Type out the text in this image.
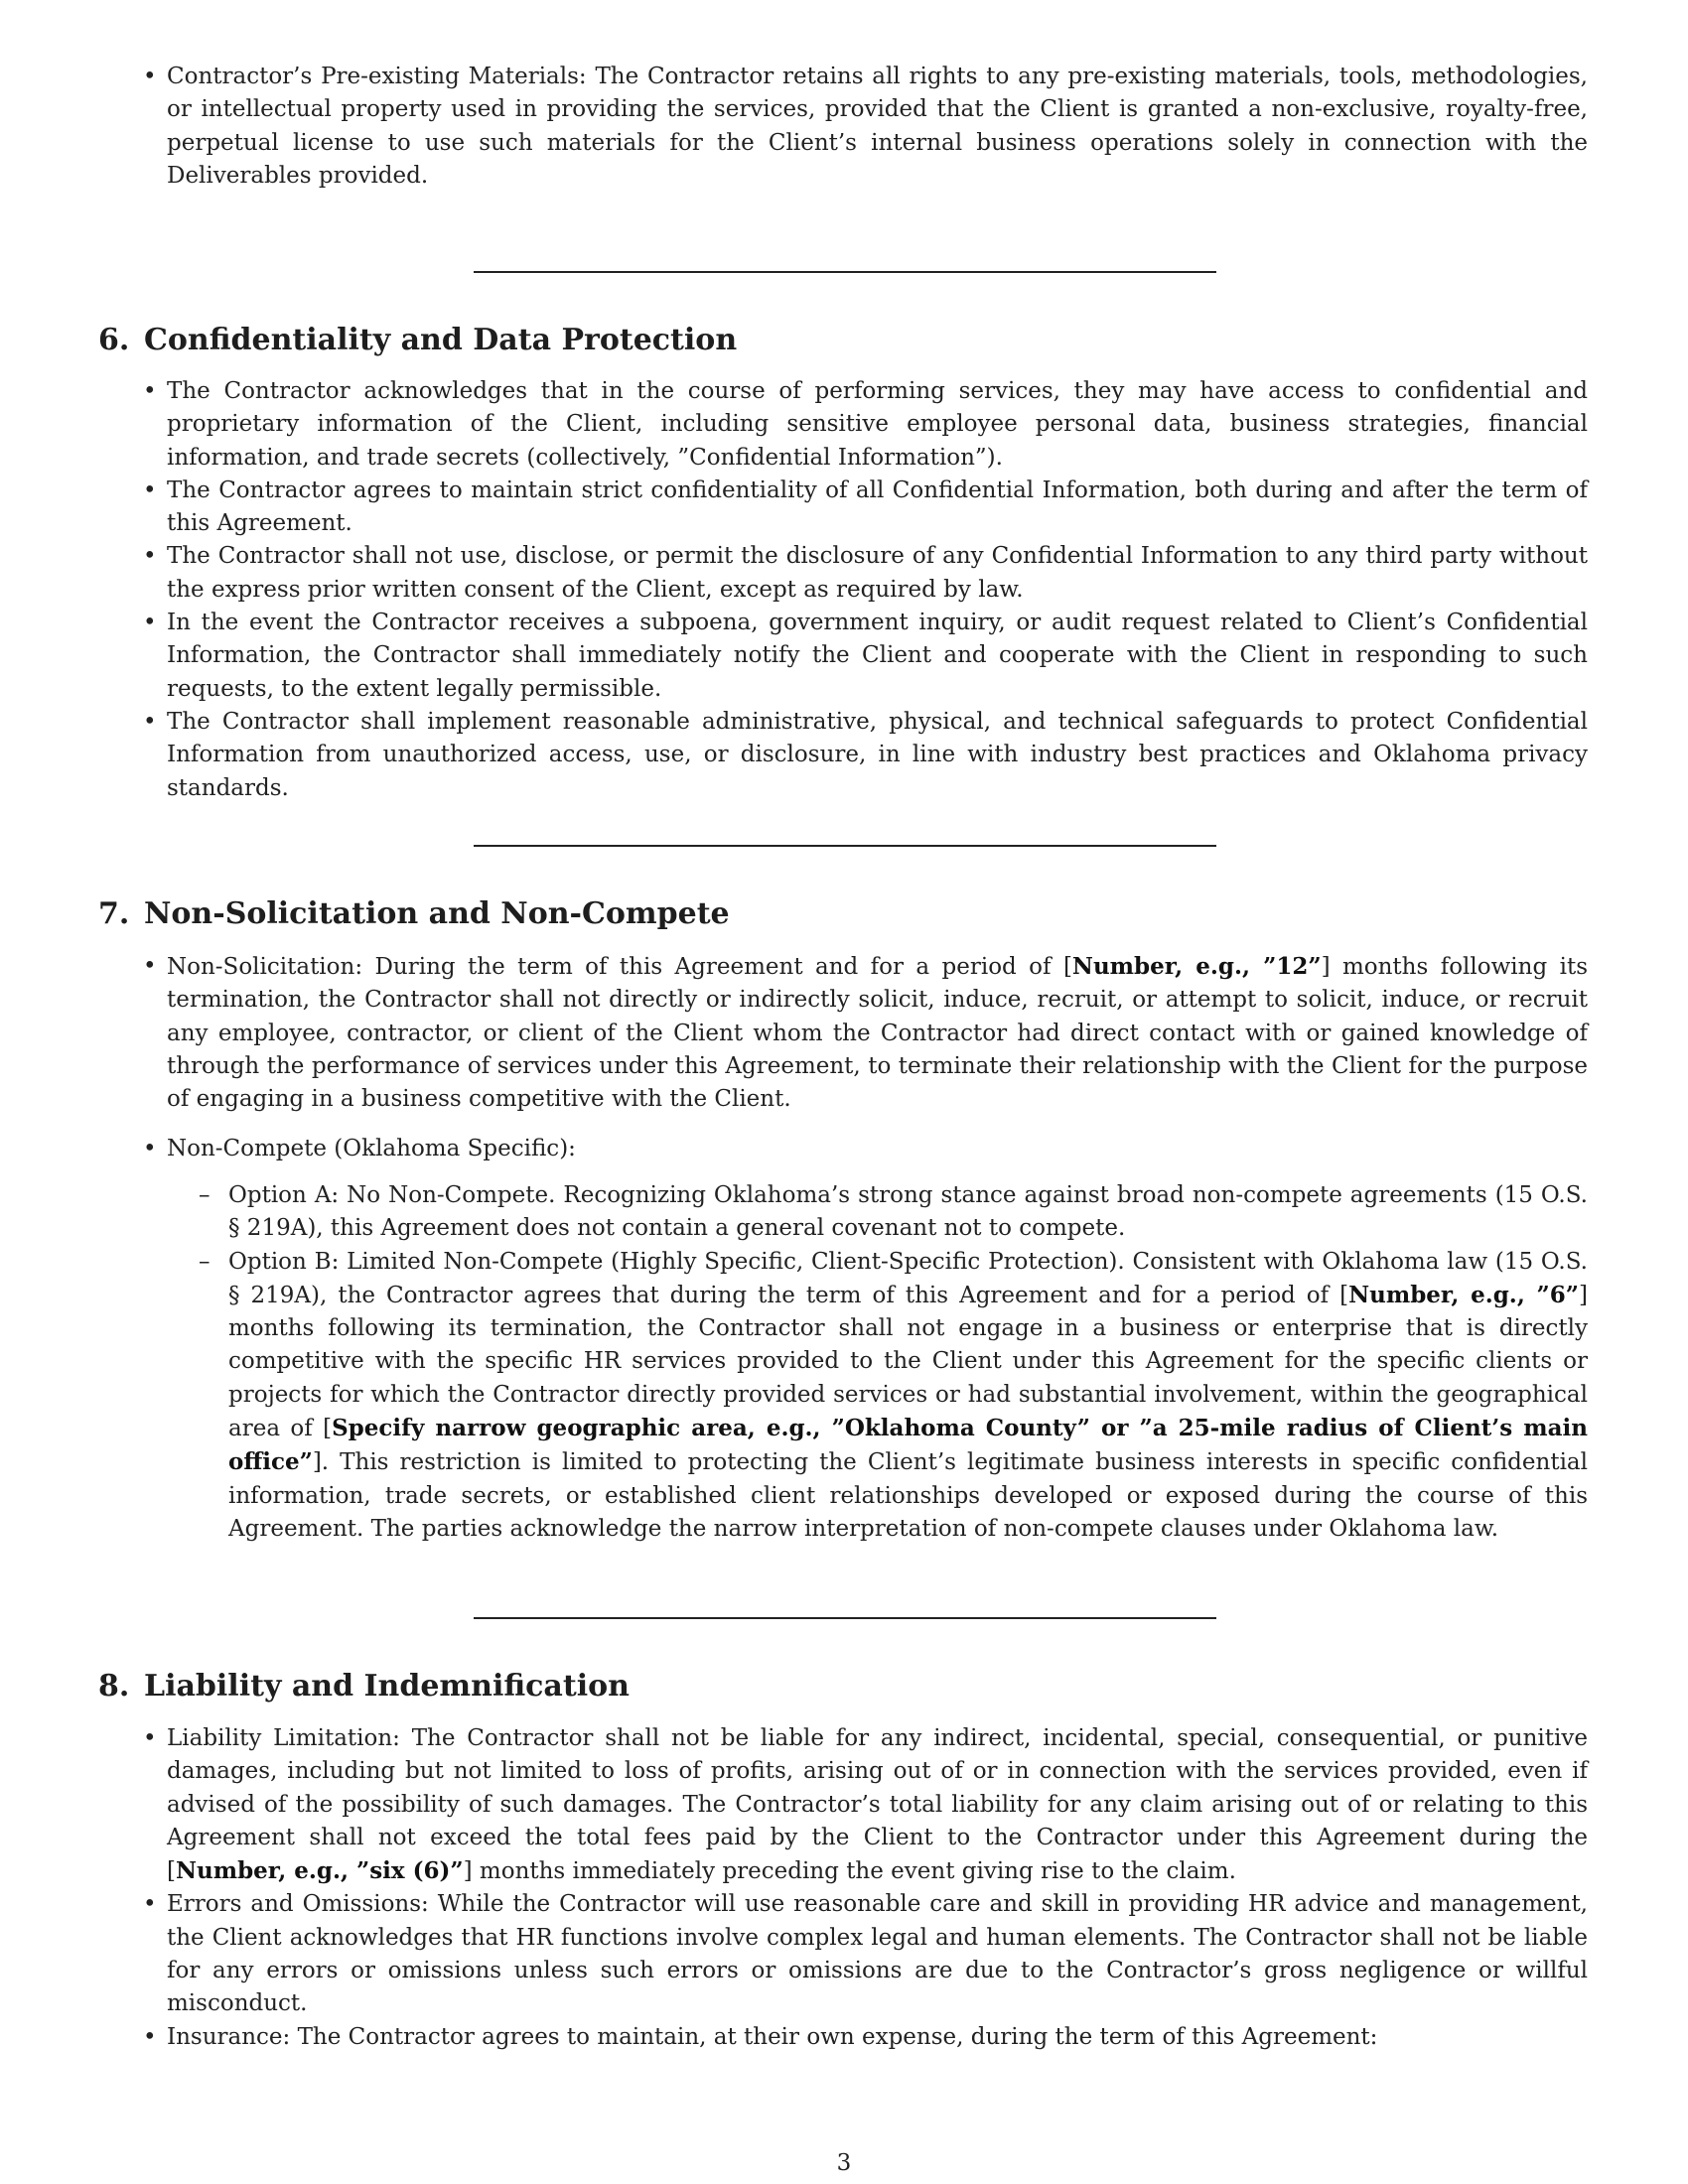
• Contractor’s Pre-existing Materials: The Contractor retains all rights to any pre-existing materials, tools, methodologies, or intellectual property used in providing the services, provided that the Client is granted a non-exclusive, royalty-free, perpetual license to use such materials for the Client’s internal business operations solely in connection with the Deliverables provided.
6. Confidentiality and Data Protection
• The Contractor acknowledges that in the course of performing services, they may have access to confidential and proprietary information of the Client, including sensitive employee personal data, business strategies, financial information, and trade secrets (collectively, ”Confidential Information”).
• The Contractor agrees to maintain strict confidentiality of all Confidential Information, both during and after the term of this Agreement.
• The Contractor shall not use, disclose, or permit the disclosure of any Confidential Information to any third party without the express prior written consent of the Client, except as required by law.
• In the event the Contractor receives a subpoena, government inquiry, or audit request related to Client’s Confidential Information, the Contractor shall immediately notify the Client and cooperate with the Client in responding to such requests, to the extent legally permissible.
• The Contractor shall implement reasonable administrative, physical, and technical safeguards to protect Confidential Information from unauthorized access, use, or disclosure, in line with industry best practices and Oklahoma privacy standards.
7. Non-Solicitation and Non-Compete
• Non-Solicitation: During the term of this Agreement and for a period of [Number, e.g., ”12”] months following its termination, the Contractor shall not directly or indirectly solicit, induce, recruit, or attempt to solicit, induce, or recruit any employee, contractor, or client of the Client whom the Contractor had direct contact with or gained knowledge of through the performance of services under this Agreement, to terminate their relationship with the Client for the purpose of engaging in a business competitive with the Client.
• Non-Compete (Oklahoma Specific):
– Option A: No Non-Compete. Recognizing Oklahoma’s strong stance against broad non-compete agreements (15 O.S. § 219A), this Agreement does not contain a general covenant not to compete.
– Option B: Limited Non-Compete (Highly Specific, Client-Specific Protection). Consistent with Oklahoma law (15 O.S. § 219A), the Contractor agrees that during the term of this Agreement and for a period of [Number, e.g., ”6”] months following its termination, the Contractor shall not engage in a business or enterprise that is directly competitive with the specific HR services provided to the Client under this Agreement for the specific clients or projects for which the Contractor directly provided services or had substantial involvement, within the geographical area of [Specify narrow geographic area, e.g., ”Oklahoma County” or ”a 25-mile radius of Client’s main office”]. This restriction is limited to protecting the Client’s legitimate business interests in specific confidential information, trade secrets, or established client relationships developed or exposed during the course of this Agreement. The parties acknowledge the narrow interpretation of non-compete clauses under Oklahoma law.
8. Liability and Indemnification
• Liability Limitation: The Contractor shall not be liable for any indirect, incidental, special, consequential, or punitive damages, including but not limited to loss of profits, arising out of or in connection with the services provided, even if advised of the possibility of such damages. The Contractor’s total liability for any claim arising out of or relating to this Agreement shall not exceed the total fees paid by the Client to the Contractor under this Agreement during the [Number, e.g., ”six (6)”] months immediately preceding the event giving rise to the claim.
• Errors and Omissions: While the Contractor will use reasonable care and skill in providing HR advice and management, the Client acknowledges that HR functions involve complex legal and human elements. The Contractor shall not be liable for any errors or omissions unless such errors or omissions are due to the Contractor’s gross negligence or willful misconduct.
• Insurance: The Contractor agrees to maintain, at their own expense, during the term of this Agreement:
3
